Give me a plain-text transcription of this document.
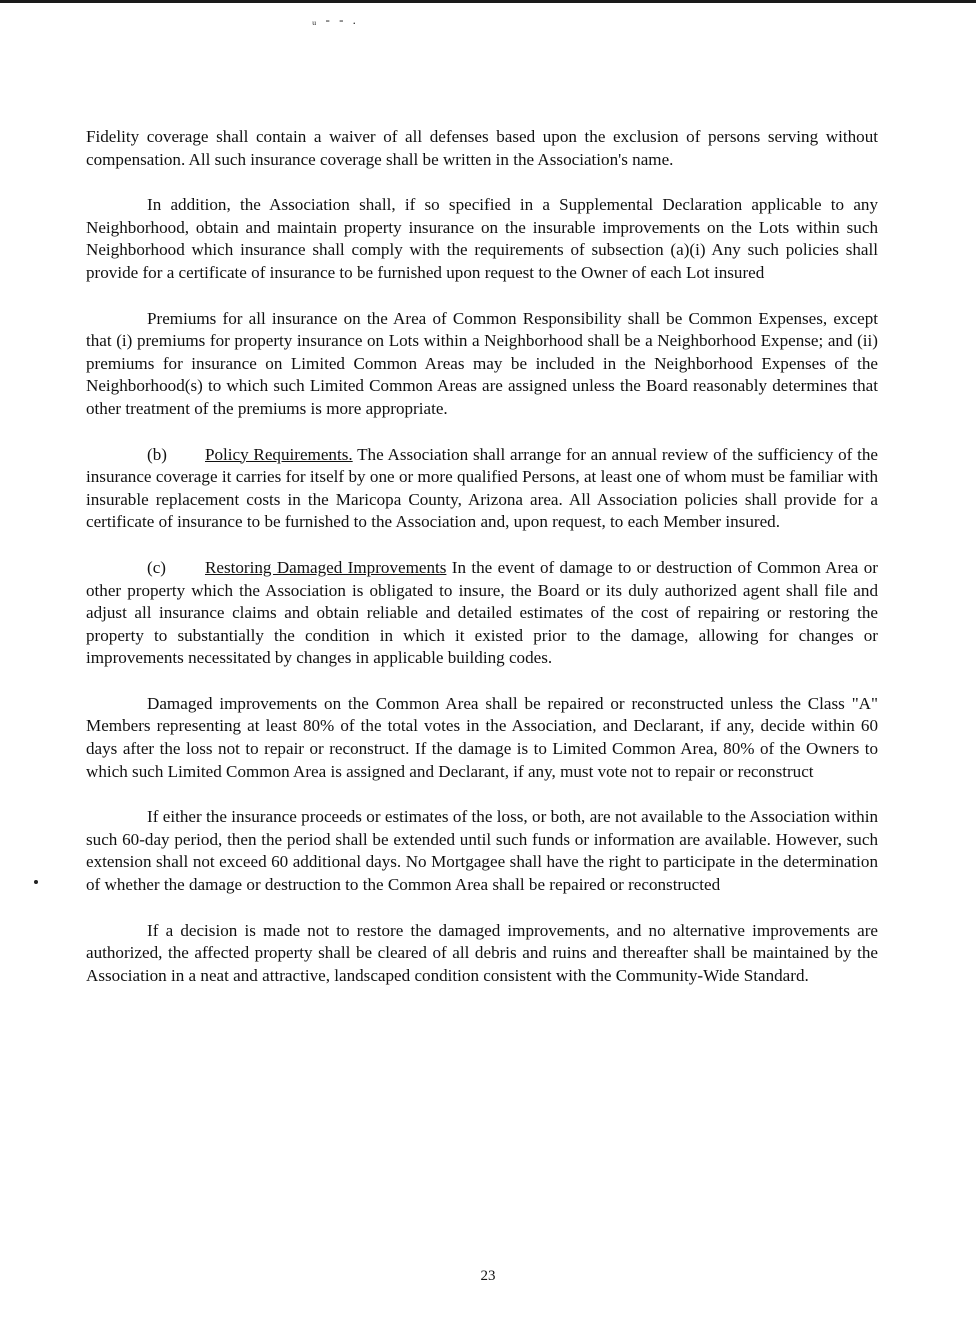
ᵤ - - .

Fidelity coverage shall contain a waiver of all defenses based upon the exclusion of persons serving without compensation. All such insurance coverage shall be written in the Association's name.

In addition, the Association shall, if so specified in a Supplemental Declaration applicable to any Neighborhood, obtain and maintain property insurance on the insurable improvements on the Lots within such Neighborhood which insurance shall comply with the requirements of subsection (a)(i) Any such policies shall provide for a certificate of insurance to be furnished upon request to the Owner of each Lot insured

Premiums for all insurance on the Area of Common Responsibility shall be Common Expenses, except that (i) premiums for property insurance on Lots within a Neighborhood shall be a Neighborhood Expense; and (ii) premiums for insurance on Limited Common Areas may be included in the Neighborhood Expenses of the Neighborhood(s) to which such Limited Common Areas are assigned unless the Board reasonably determines that other treatment of the premiums is more appropriate.

(b) Policy Requirements. The Association shall arrange for an annual review of the sufficiency of the insurance coverage it carries for itself by one or more qualified Persons, at least one of whom must be familiar with insurable replacement costs in the Maricopa County, Arizona area. All Association policies shall provide for a certificate of insurance to be furnished to the Association and, upon request, to each Member insured.

(c) Restoring Damaged Improvements In the event of damage to or destruction of Common Area or other property which the Association is obligated to insure, the Board or its duly authorized agent shall file and adjust all insurance claims and obtain reliable and detailed estimates of the cost of repairing or restoring the property to substantially the condition in which it existed prior to the damage, allowing for changes or improvements necessitated by changes in applicable building codes.

Damaged improvements on the Common Area shall be repaired or reconstructed unless the Class "A" Members representing at least 80% of the total votes in the Association, and Declarant, if any, decide within 60 days after the loss not to repair or reconstruct. If the damage is to Limited Common Area, 80% of the Owners to which such Limited Common Area is assigned and Declarant, if any, must vote not to repair or reconstruct

If either the insurance proceeds or estimates of the loss, or both, are not available to the Association within such 60-day period, then the period shall be extended until such funds or information are available. However, such extension shall not exceed 60 additional days. No Mortgagee shall have the right to participate in the determination of whether the damage or destruction to the Common Area shall be repaired or reconstructed

If a decision is made not to restore the damaged improvements, and no alternative improvements are authorized, the affected property shall be cleared of all debris and ruins and thereafter shall be maintained by the Association in a neat and attractive, landscaped condition consistent with the Community-Wide Standard.

23
